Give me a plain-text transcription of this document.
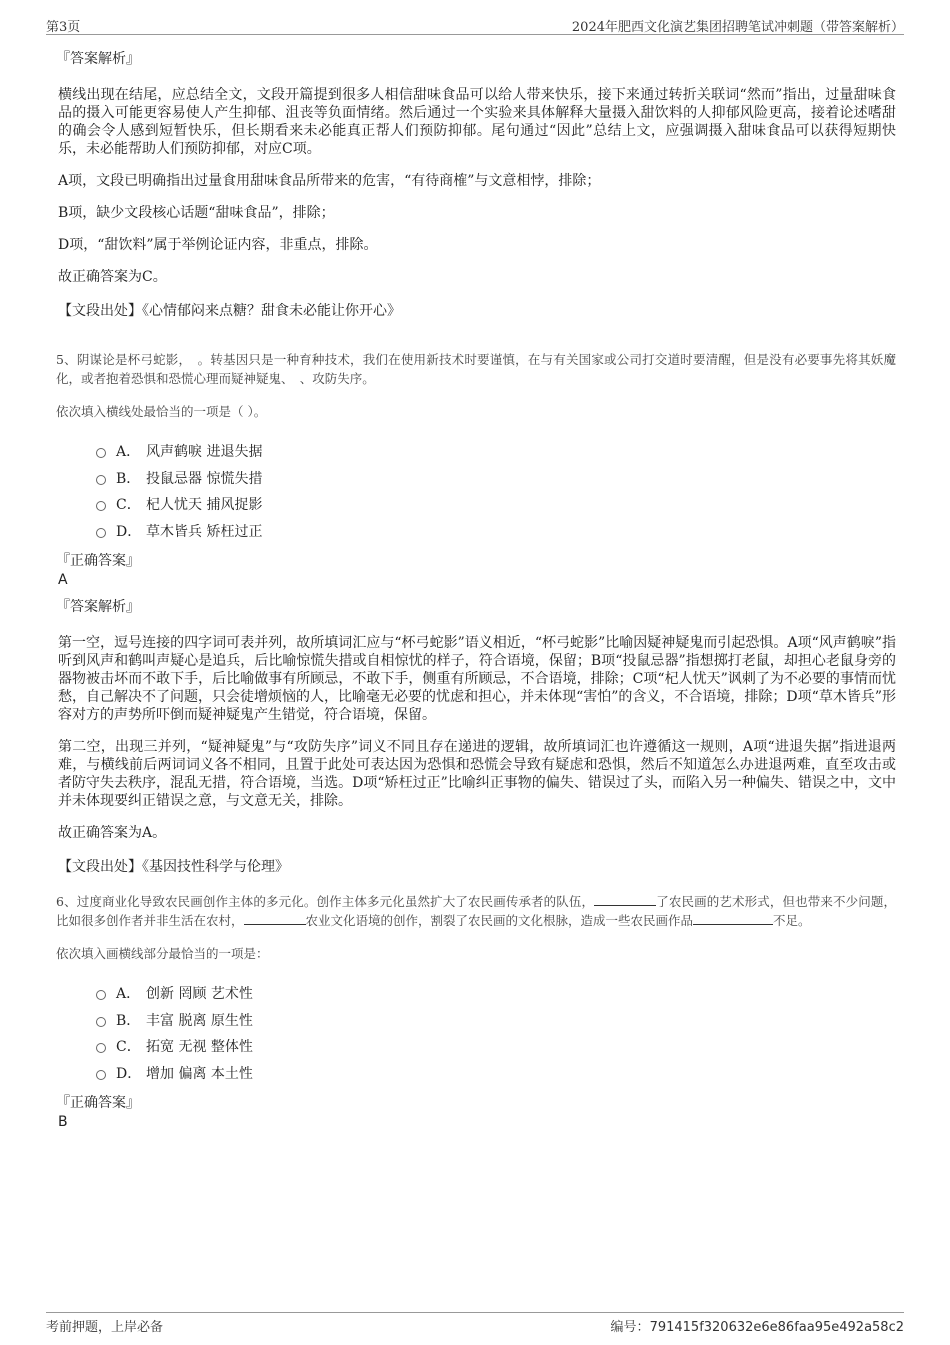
第3页	2024年肥西文化演艺集团招聘笔试冲刺题（带答案解析）
『答案解析』

横线出现在结尾，应总结全文，文段开篇提到很多人相信甜味食品可以给人带来快乐，接下来通过转折关联词“然而”指出，过量甜味食品的摄入可能更容易使人产生抑郁、沮丧等负面情绪。然后通过一个实验来具体解释大量摄入甜饮料的人抑郁风险更高，接着论述嗜甜的确会令人感到短暂快乐，但长期看来未必能真正帮人们预防抑郁。尾句通过“因此”总结上文，应强调摄入甜味食品可以获得短期快乐，未必能帮助人们预防抑郁，对应C项。

A项，文段已明确指出过量食用甜味食品所带来的危害，“有待商榷”与文意相悖，排除；

B项，缺少文段核心话题“甜味食品”，排除；

D项，“甜饮料”属于举例论证内容，非重点，排除。

故正确答案为C。

【文段出处】《心情郁闷来点糖？甜食未必能让你开心》

5、阴谋论是杯弓蛇影，　。转基因只是一种育种技术，我们在使用新技术时要谨慎，在与有关国家或公司打交道时要清醒，但是没有必要事先将其妖魔化，或者抱着恐惧和恐慌心理而疑神疑鬼、　、攻防失序。

依次填入横线处最恰当的一项是（ ）。
A． 风声鹤唳 进退失据
B． 投鼠忌器 惊慌失措
C． 杞人忧天 捕风捉影
D． 草木皆兵 矫枉过正
『正确答案』
A
『答案解析』

第一空，逗号连接的四字词可表并列，故所填词汇应与“杯弓蛇影”语义相近，“杯弓蛇影”比喻因疑神疑鬼而引起恐惧。A项“风声鹤唳”指听到风声和鹤叫声疑心是追兵，后比喻惊慌失措或自相惊忧的样子，符合语境，保留；B项“投鼠忌器”指想掷打老鼠，却担心老鼠身旁的器物被击坏而不敢下手，后比喻做事有所顾忌，不敢下手，侧重有所顾忌，不合语境，排除；C项“杞人忧天”讽刺了为不必要的事情而忧愁，自己解决不了问题，只会徒增烦恼的人，比喻毫无必要的忧虑和担心，并未体现“害怕”的含义，不合语境，排除；D项“草木皆兵”形容对方的声势所吓倒而疑神疑鬼产生错觉，符合语境，保留。

第二空，出现三并列，“疑神疑鬼”与“攻防失序”词义不同且存在递进的逻辑，故所填词汇也许遵循这一规则，A项“进退失据”指进退两难，与横线前后两词词义各不相同，且置于此处可表达因为恐惧和恐慌会导致有疑虑和恐惧，然后不知道怎么办进退两难，直至攻击或者防守失去秩序，混乱无措，符合语境，当选。D项“矫枉过正”比喻纠正事物的偏失、错误过了头，而陷入另一种偏失、错误之中，文中并未体现要纠正错误之意，与文意无关，排除。

故正确答案为A。

【文段出处】《基因技性科学与伦理》

6、过度商业化导致农民画创作主体的多元化。创作主体多元化虽然扩大了农民画传承者的队伍，	了农民画的艺术形式，但也带来不少问题，比如很多创作者并非生活在农村，	农业文化语境的创作，割裂了农民画的文化根脉，造成一些农民画作品	不足。

依次填入画横线部分最恰当的一项是：
A． 创新 罔顾 艺术性
B． 丰富 脱离 原生性
C． 拓宽 无视 整体性
D． 增加 偏离 本土性
『正确答案』
B
考前押题，上岸必备	编号：791415f320632e6e86faa95e492a58c2
